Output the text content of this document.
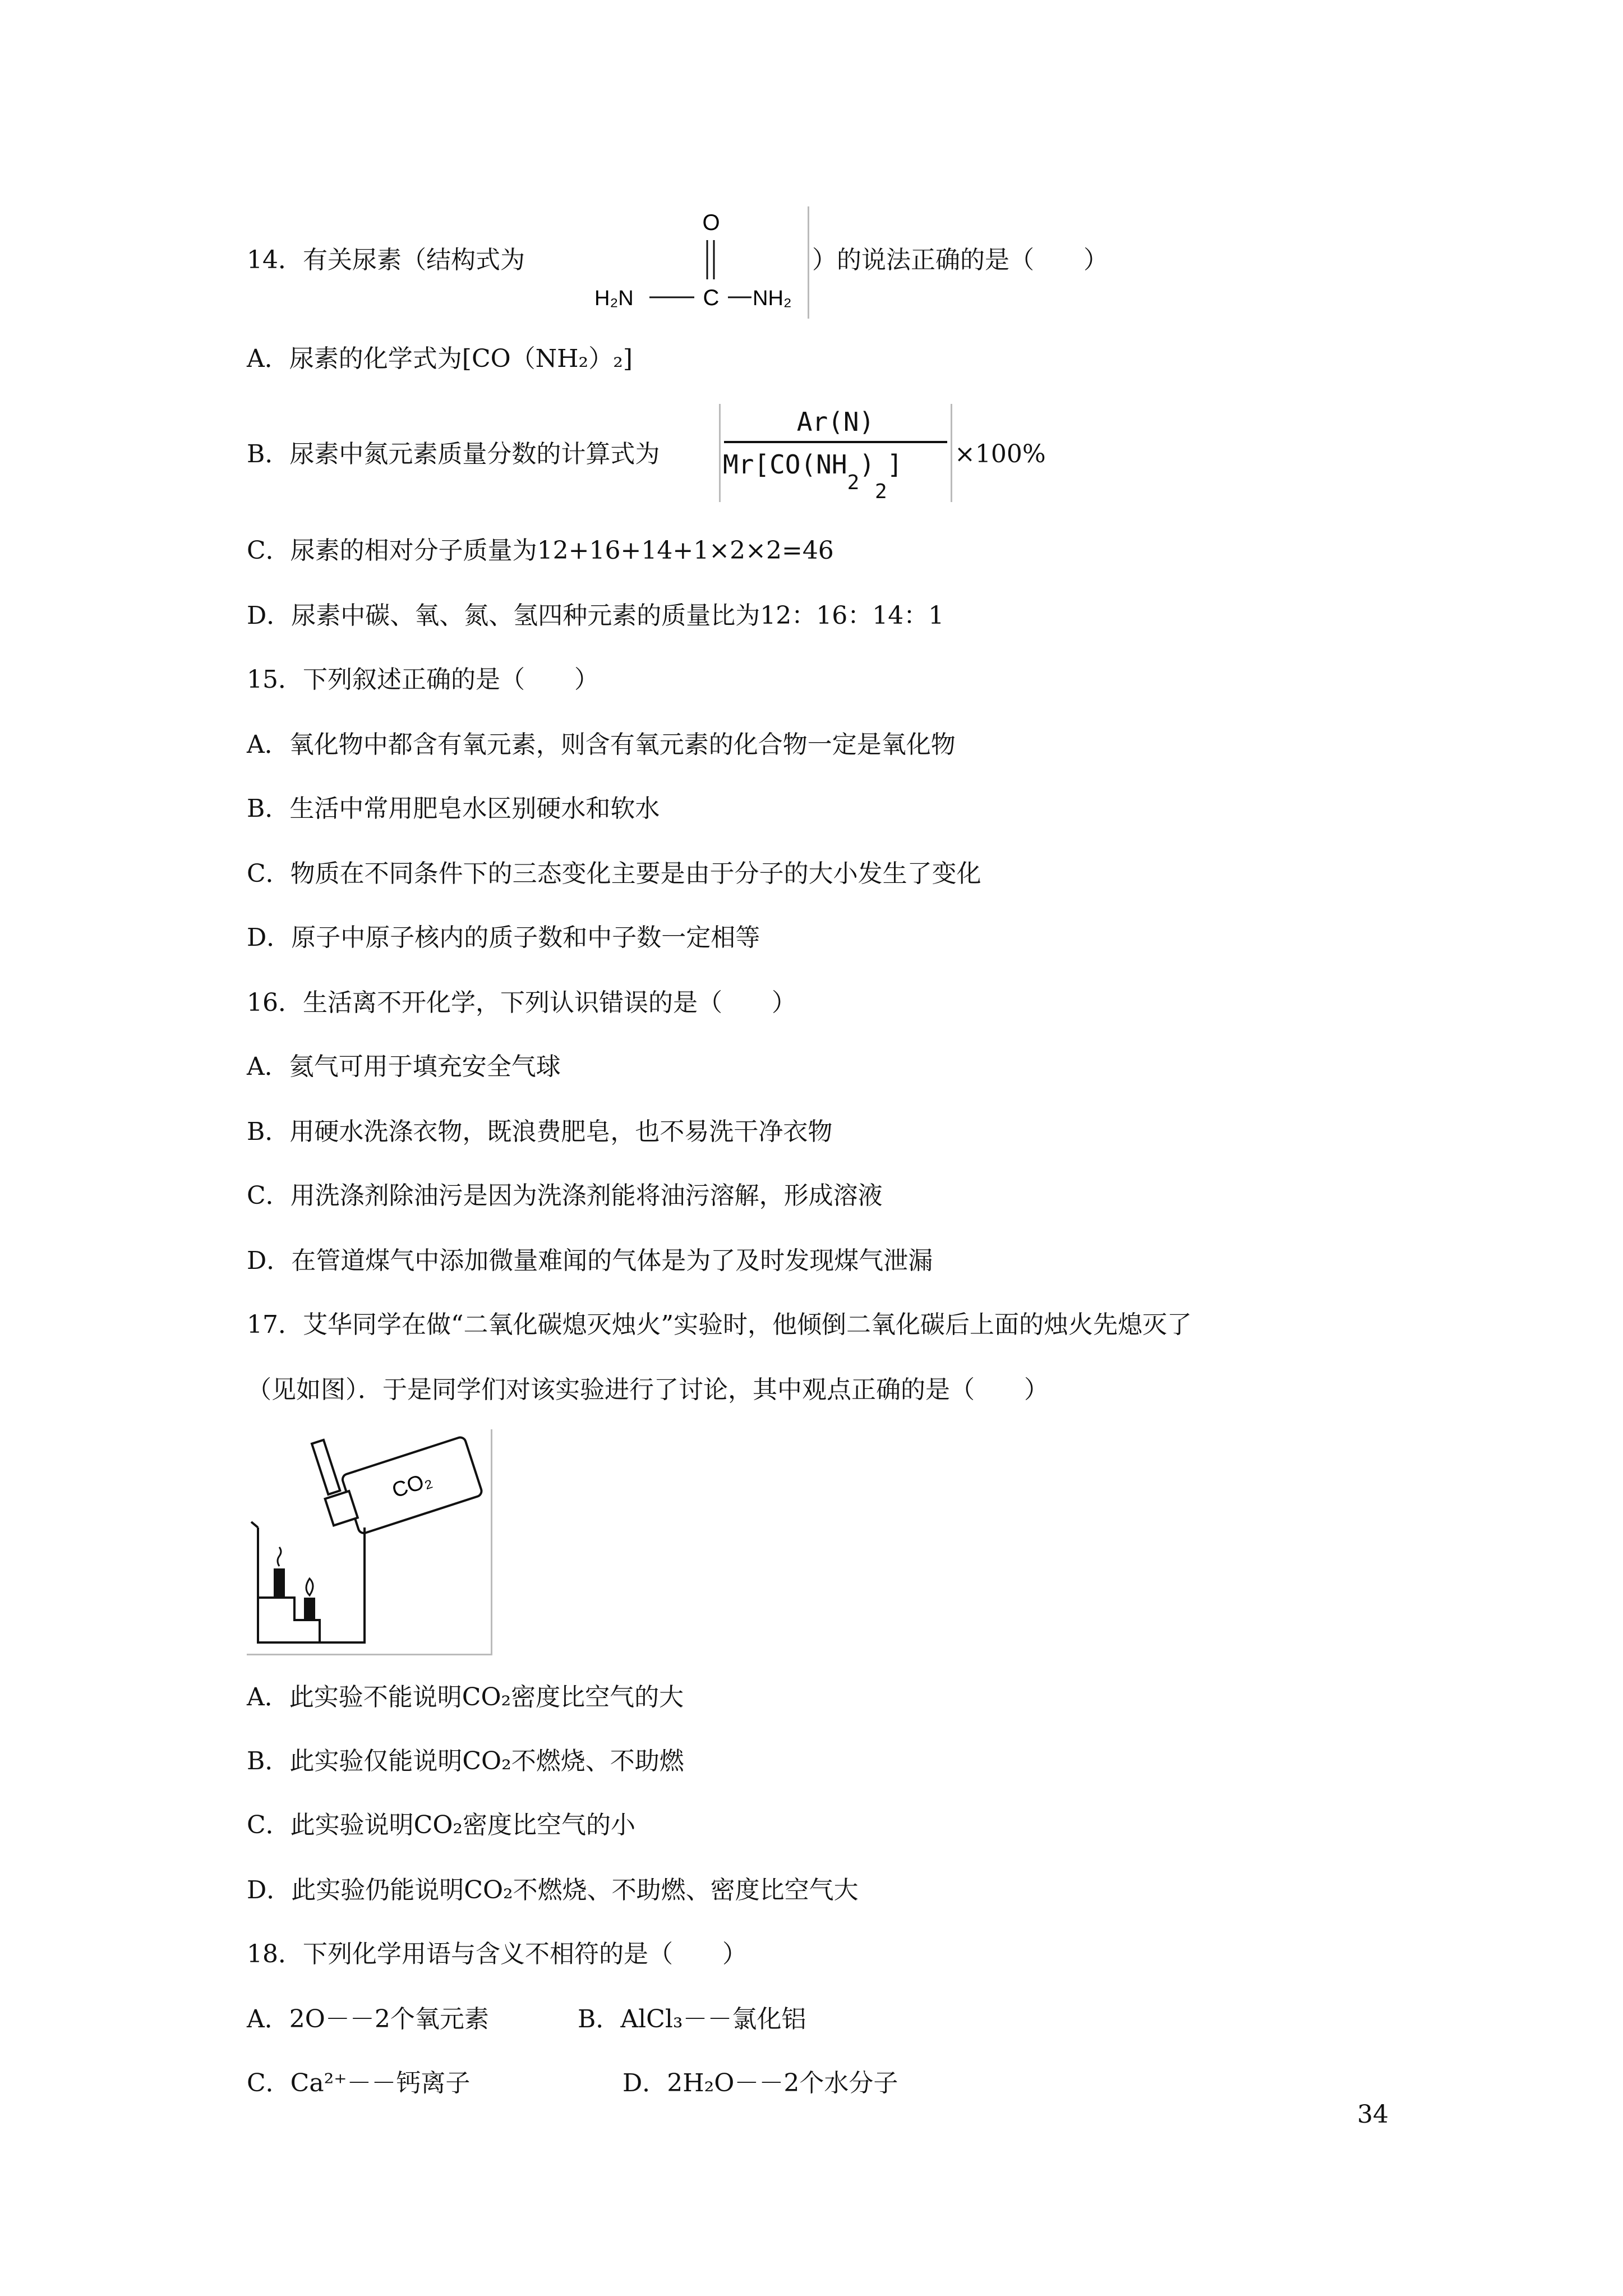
14．有关尿素（结构式为
O
C
H₂N	NH₂
）的说法正确的是（　　）
A．尿素的化学式为[CO（NH₂）₂]
B．尿素中氮元素质量分数的计算式为
Ar(N)
$Mr[CO(NH_2)_2] \times 100\%$
C．尿素的相对分子质量为12+16+14+1×2×2=46
D．尿素中碳、氧、氮、氢四种元素的质量比为12：16：14：1
15．下列叙述正确的是（　　）
A．氧化物中都含有氧元素，则含有氧元素的化合物一定是氧化物
B．生活中常用肥皂水区别硬水和软水
C．物质在不同条件下的三态变化主要是由于分子的大小发生了变化
D．原子中原子核内的质子数和中子数一定相等
16．生活离不开化学，下列认识错误的是（　　）
A．氦气可用于填充安全气球
B．用硬水洗涤衣物，既浪费肥皂，也不易洗干净衣物
C．用洗涤剂除油污是因为洗涤剂能将油污溶解，形成溶液
D．在管道煤气中添加微量难闻的气体是为了及时发现煤气泄漏
17．艾华同学在做“二氧化碳熄灭烛火”实验时，他倾倒二氧化碳后上面的烛火先熄灭了
（见如图）．于是同学们对该实验进行了讨论，其中观点正确的是（　　）
CO₂
A．此实验不能说明CO₂密度比空气的大
B．此实验仅能说明CO₂不燃烧、不助燃
C．此实验说明CO₂密度比空气的小
D．此实验仍能说明CO₂不燃烧、不助燃、密度比空气大
18．下列化学用语与含义不相符的是（　　）
A．2O－－2个氧元素	B．AlCl₃－－氯化铝
C．Ca²⁺－－钙离子	D．2H₂O－－2个水分子
34
